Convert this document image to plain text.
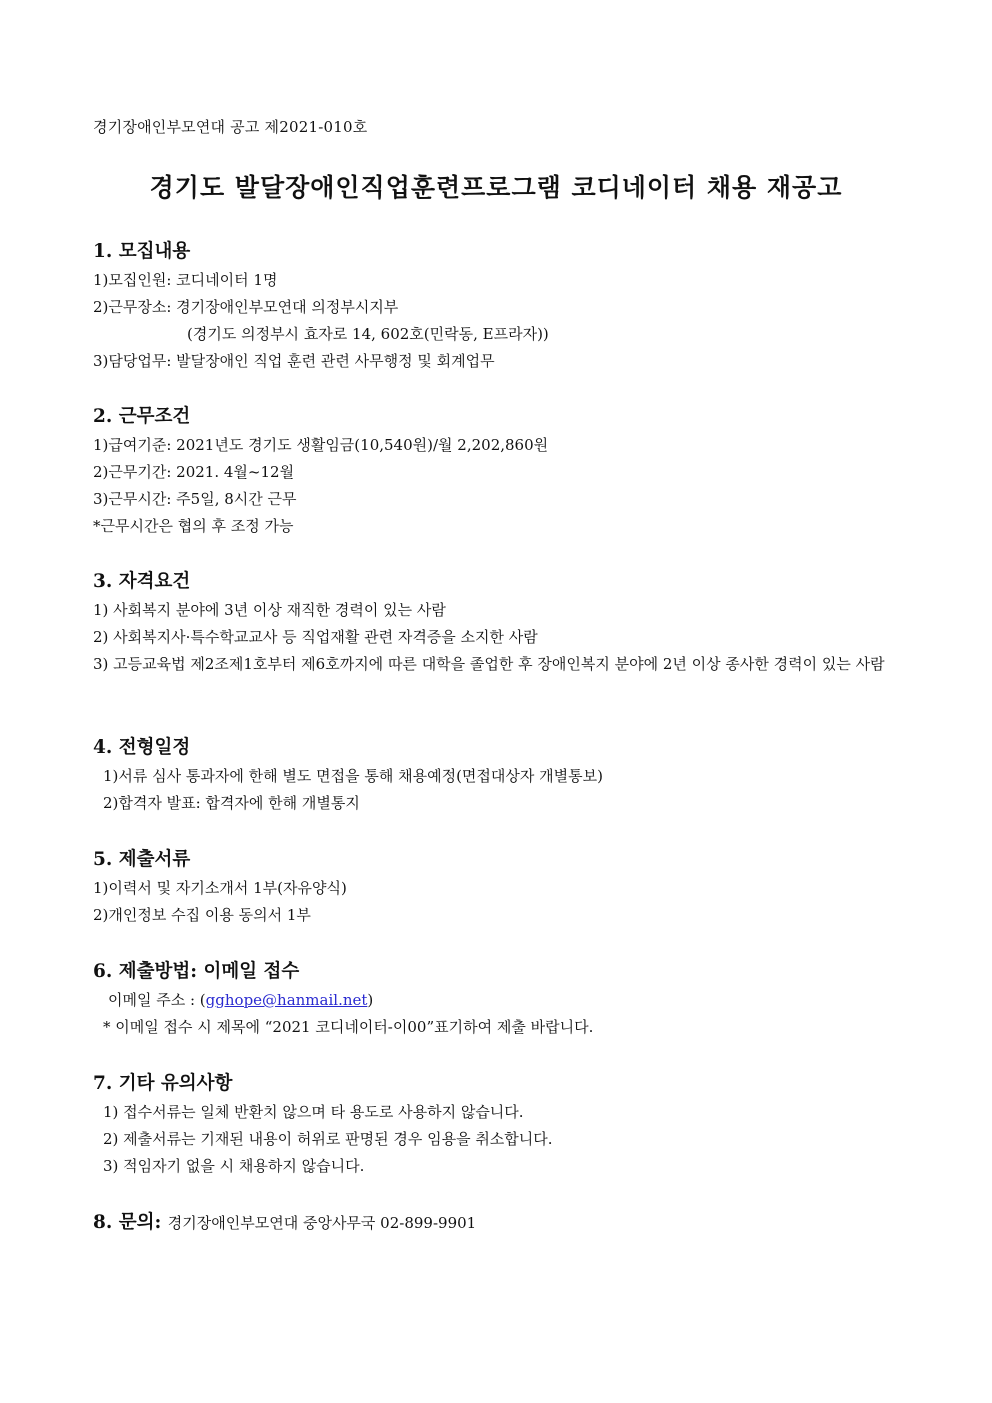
경기장애인부모연대 공고 제2021-010호
경기도 발달장애인직업훈련프로그램 코디네이터 채용 재공고
1. 모집내용
1)모집인원: 코디네이터 1명
2)근무장소: 경기장애인부모연대 의정부시지부
(경기도 의정부시 효자로 14, 602호(민락동, E프라자))
3)담당업무: 발달장애인 직업 훈련 관련 사무행정 및 회계업무
2. 근무조건
1)급여기준: 2021년도 경기도 생활임금(10,540원)/월 2,202,860원
2)근무기간: 2021. 4월~12월
3)근무시간: 주5일, 8시간 근무
*근무시간은 협의 후 조정 가능
3. 자격요건
1) 사회복지 분야에 3년 이상 재직한 경력이 있는 사람
2) 사회복지사·특수학교교사 등 직업재활 관련 자격증을 소지한 사람
3) 고등교육법 제2조제1호부터 제6호까지에 따른 대학을 졸업한 후 장애인복지 분야에 2년 이상 종사한 경력이 있는 사람
4. 전형일정
1)서류 심사 통과자에 한해 별도 면접을 통해 채용예정(면접대상자 개별통보)
2)합격자 발표: 합격자에 한해 개별통지
5. 제출서류
1)이력서 및 자기소개서 1부(자유양식)
2)개인정보 수집 이용 동의서 1부
6. 제출방법: 이메일 접수
이메일 주소 : (gghope@hanmail.net)
* 이메일 접수 시 제목에 “2021 코디네이터-이00”표기하여 제출 바랍니다.
7. 기타 유의사항
1) 접수서류는 일체 반환치 않으며 타 용도로 사용하지 않습니다.
2) 제출서류는 기재된 내용이 허위로 판명된 경우 임용을 취소합니다.
3) 적임자기 없을 시 채용하지 않습니다.
8. 문의: 경기장애인부모연대 중앙사무국 02-899-9901
